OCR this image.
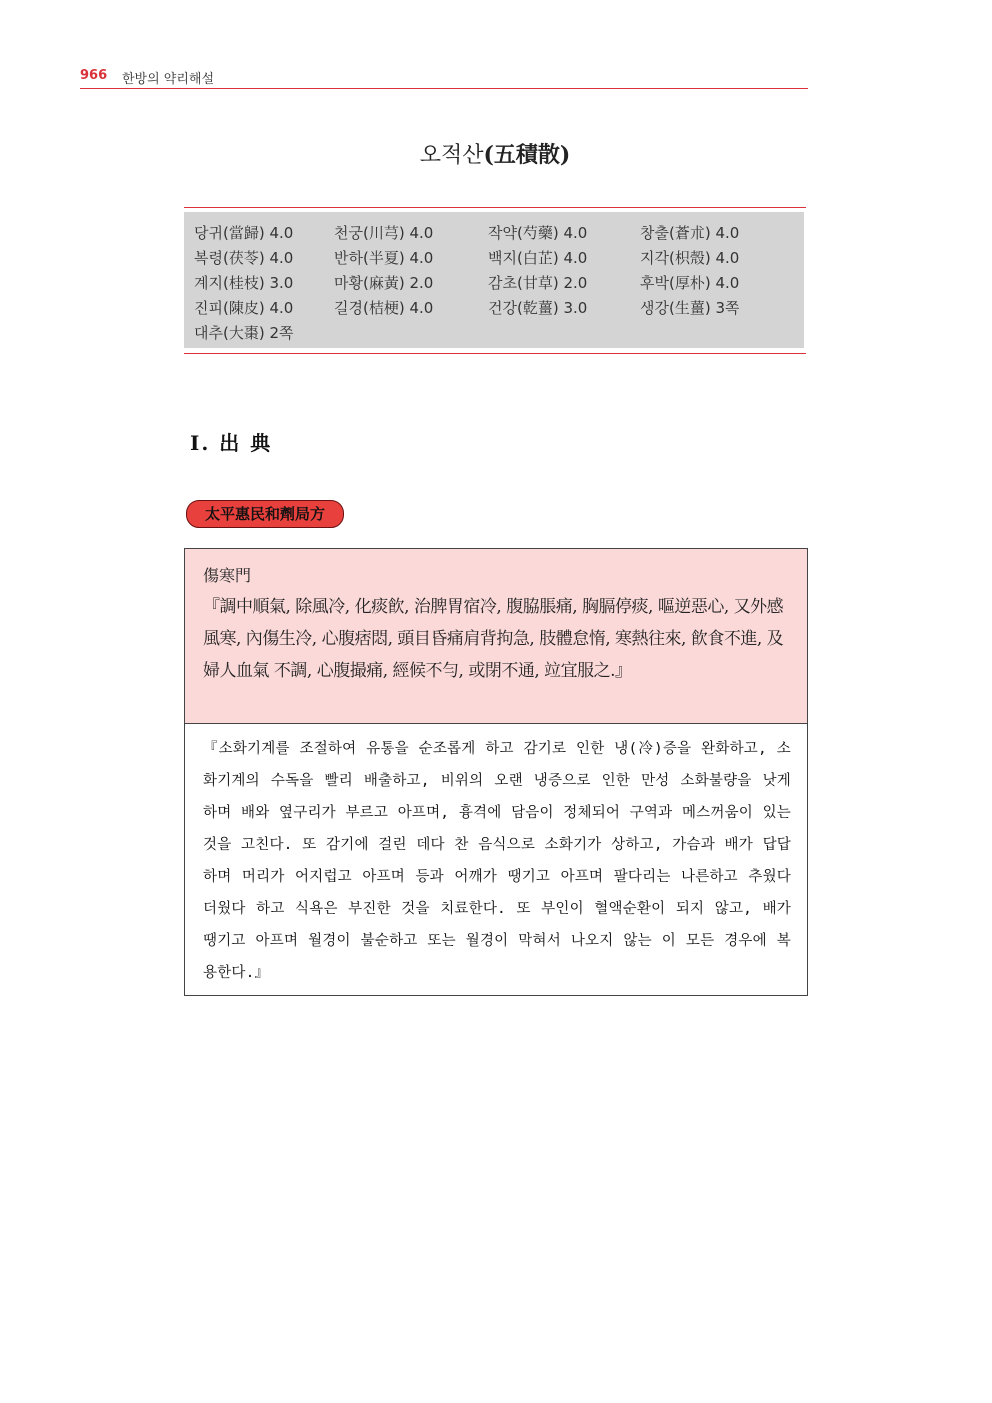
966 한방의 약리해설
오적산(五積散)
당귀(當歸) 4.0	천궁(川芎) 4.0	작약(芍藥) 4.0	창출(蒼朮) 4.0
복령(茯苓) 4.0	반하(半夏) 4.0	백지(白芷) 4.0	지각(枳殼) 4.0
계지(桂枝) 3.0	마황(麻黃) 2.0	감초(甘草) 2.0	후박(厚朴) 4.0
진피(陳皮) 4.0	길경(桔梗) 4.0	건강(乾薑) 3.0	생강(生薑) 3쪽
대추(大棗) 2쪽
Ⅰ. 出 典
太平惠民和劑局方
傷寒門
『調中順氣, 除風冷, 化痰飮, 治脾胃宿冷, 腹脇脹痛, 胸膈停痰, 嘔逆惡心, 又外感風寒, 內傷生冷, 心腹痞悶, 頭目昏痛肩背拘急, 肢體怠惰, 寒熱往來, 飮食不進, 及婦人血氣 不調, 心腹撮痛, 經候不勻, 或閉不通, 竝宜服之.』
『소화기계를 조절하여 유통을 순조롭게 하고 감기로 인한 냉(冷)증을 완화하고, 소화기계의 수독을 빨리 배출하고, 비위의 오랜 냉증으로 인한 만성 소화불량을 낫게 하며 배와 옆구리가 부르고 아프며, 흉격에 담음이 정체되어 구역과 메스꺼움이 있는 것을 고친다. 또 감기에 걸린 데다 찬 음식으로 소화기가 상하고, 가슴과 배가 답답하며 머리가 어지럽고 아프며 등과 어깨가 땡기고 아프며 팔다리는 나른하고 추웠다 더웠다 하고 식욕은 부진한 것을 치료한다. 또 부인이 혈액순환이 되지 않고, 배가 땡기고 아프며 월경이 불순하고 또는 월경이 막혀서 나오지 않는 이 모든 경우에 복용한다.』
